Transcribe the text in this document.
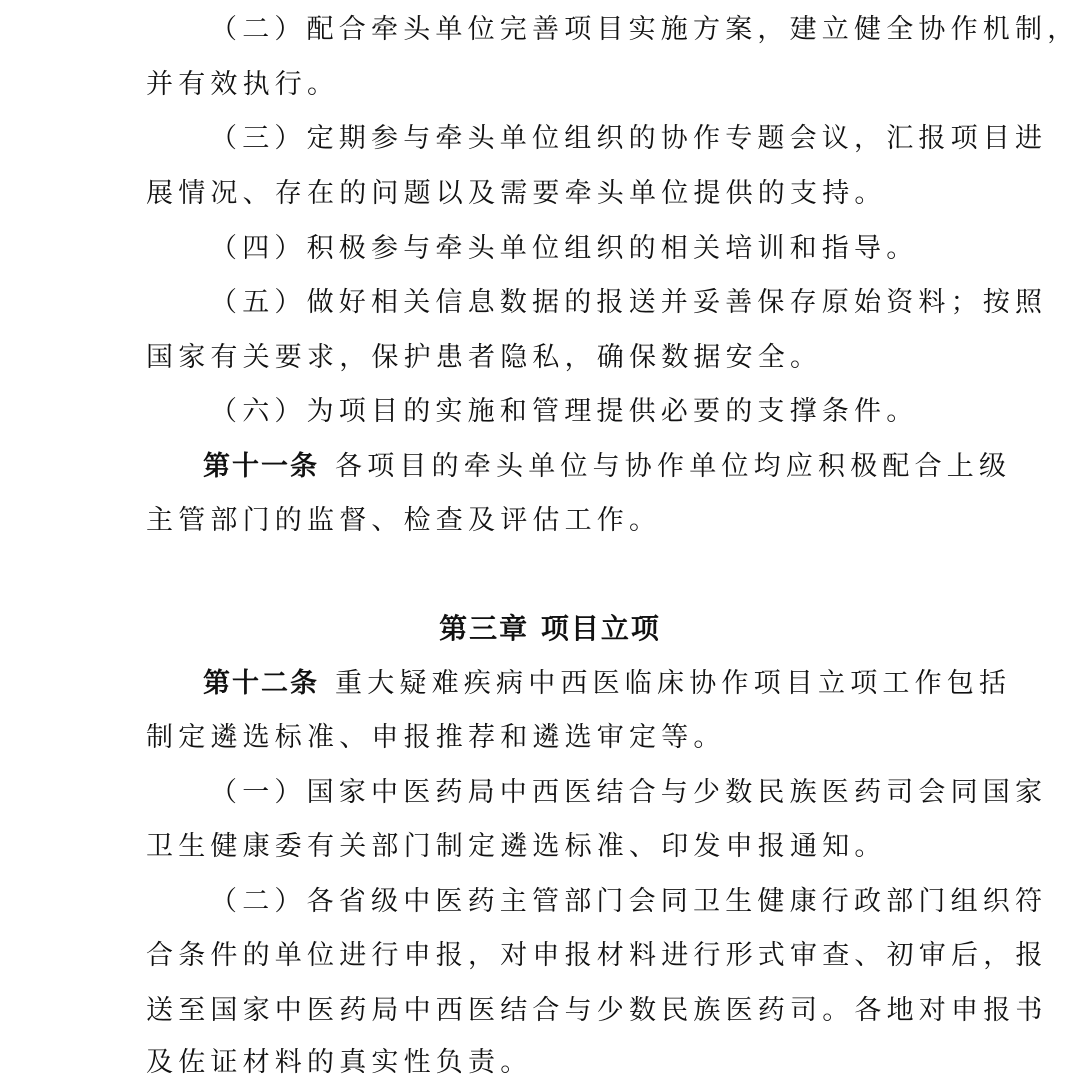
（二）配合牵头单位完善项目实施方案，建立健全协作机制，
并有效执行。
（三）定期参与牵头单位组织的协作专题会议，汇报项目进
展情况、存在的问题以及需要牵头单位提供的支持。
（四）积极参与牵头单位组织的相关培训和指导。
（五）做好相关信息数据的报送并妥善保存原始资料；按照
国家有关要求，保护患者隐私，确保数据安全。
（六）为项目的实施和管理提供必要的支撑条件。
第十一条 各项目的牵头单位与协作单位均应积极配合上级
主管部门的监督、检查及评估工作。
第三章 项目立项
第十二条 重大疑难疾病中西医临床协作项目立项工作包括
制定遴选标准、申报推荐和遴选审定等。
（一）国家中医药局中西医结合与少数民族医药司会同国家
卫生健康委有关部门制定遴选标准、印发申报通知。
（二）各省级中医药主管部门会同卫生健康行政部门组织符
合条件的单位进行申报，对申报材料进行形式审查、初审后，报
送至国家中医药局中西医结合与少数民族医药司。各地对申报书
及佐证材料的真实性负责。
